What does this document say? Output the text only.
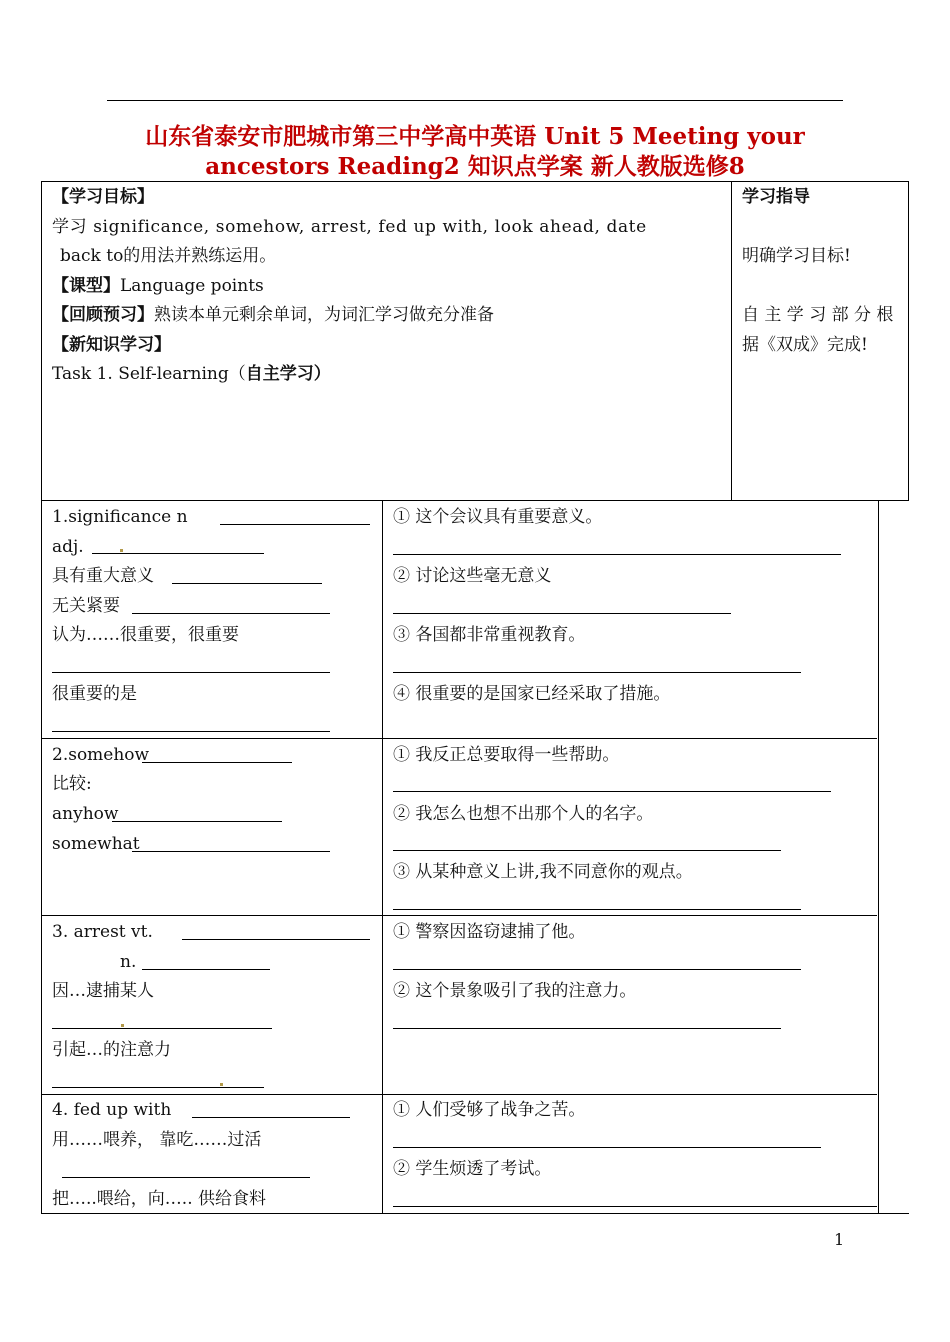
山东省泰安市肥城市第三中学高中英语 Unit 5 Meeting your
ancestors Reading2 知识点学案 新人教版选修8
【学习目标】
学习 significance, somehow, arrest, fed up with, look ahead, date
back to的用法并熟练运用。
【课型】Language points
【回顾预习】熟读本单元剩余单词，为词汇学习做充分准备
【新知识学习】
Task 1. Self-learning（自主学习）
学习指导
明确学习目标!
自 主 学 习 部 分 根
据《双成》完成!
1.significance n
adj.
具有重大意义
无关紧要
认为……很重要，很重要
很重要的是
① 这个会议具有重要意义。
② 讨论这些毫无意义
③ 各国都非常重视教育。
④ 很重要的是国家已经采取了措施。
2.somehow
比较:
anyhow
somewhat
① 我反正总要取得一些帮助。
② 我怎么也想不出那个人的名字。
③ 从某种意义上讲,我不同意你的观点。
3. arrest vt.
n.
因…逮捕某人
引起…的注意力
① 警察因盗窃逮捕了他。
② 这个景象吸引了我的注意力。
4. fed up with
用……喂养， 靠吃……过活
把…..喂给，向….. 供给食料
① 人们受够了战争之苦。
② 学生烦透了考试。
1
